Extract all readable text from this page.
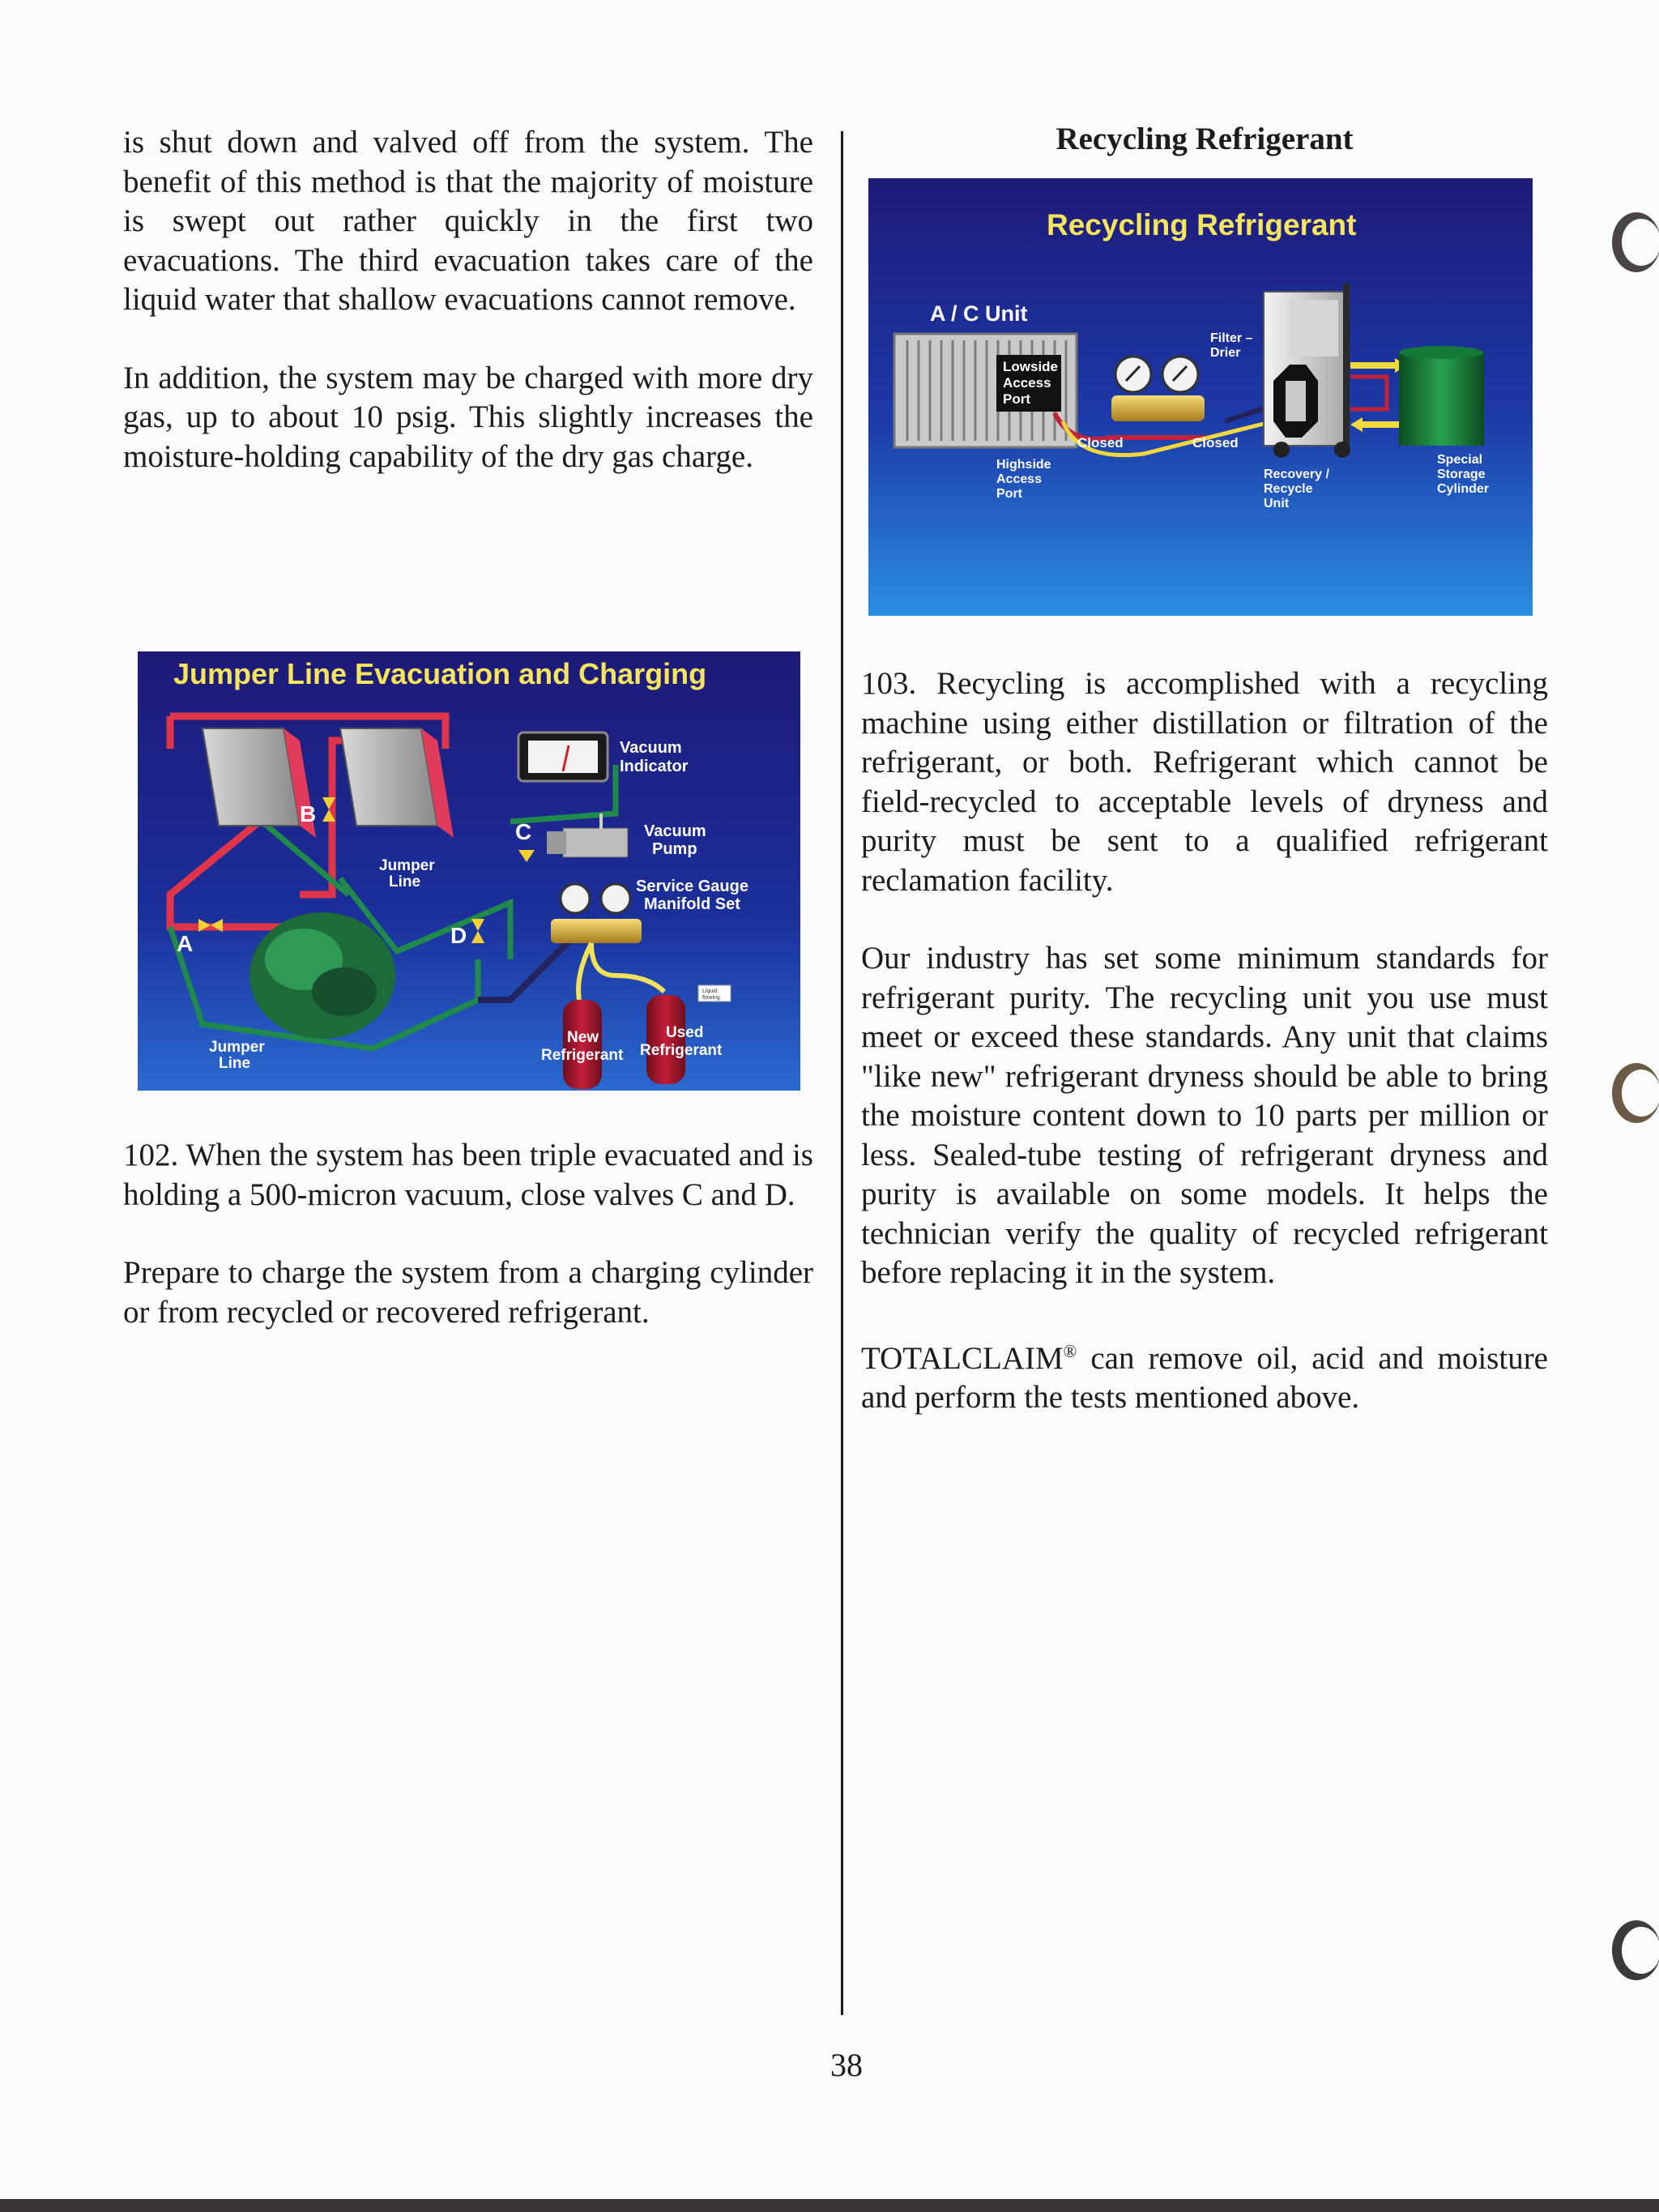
is shut down and valved off from the system. The benefit of this method is that the majority of moisture is swept out rather quickly in the first two evacuations. The third evacuation takes care of the liquid water that shallow evacuations cannot remove.

In addition, the system may be charged with more dry gas, up to about 10 psig. This slightly increases the moisture-holding capability of the dry gas charge.

Jumper Line Evacuation and Charging
A
B
C
D
Vacuum
Indicator
Vacuum
Pump
Service Gauge
Manifold Set
New
Refrigerant
Used
Refrigerant
Liquid
flowing
Jumper
Line
Jumper
Line

102. When the system has been triple evacuated and is holding a 500-micron vacuum, close valves C and D.

Prepare to charge the system from a charging cylinder or from recycled or recovered refrigerant.

Recycling Refrigerant
Recycling Refrigerant
A / C Unit
Lowside
Access
Port
Highside
Access
Port
Filter –
Drier
Closed	Closed
Recovery /
Recycle
Unit
Special
Storage
Cylinder

103. Recycling is accomplished with a recycling machine using either distillation or filtration of the refrigerant, or both. Refrigerant which cannot be field-recycled to acceptable levels of dryness and purity must be sent to a qualified refrigerant reclamation facility.

Our industry has set some minimum standards for refrigerant purity. The recycling unit you use must meet or exceed these standards. Any unit that claims "like new" refrigerant dryness should be able to bring the moisture content down to 10 parts per million or less. Sealed-tube testing of refrigerant dryness and purity is available on some models. It helps the technician verify the quality of recycled refrigerant before replacing it in the system.

TOTALCLAIM® can remove oil, acid and moisture and perform the tests mentioned above.

38
